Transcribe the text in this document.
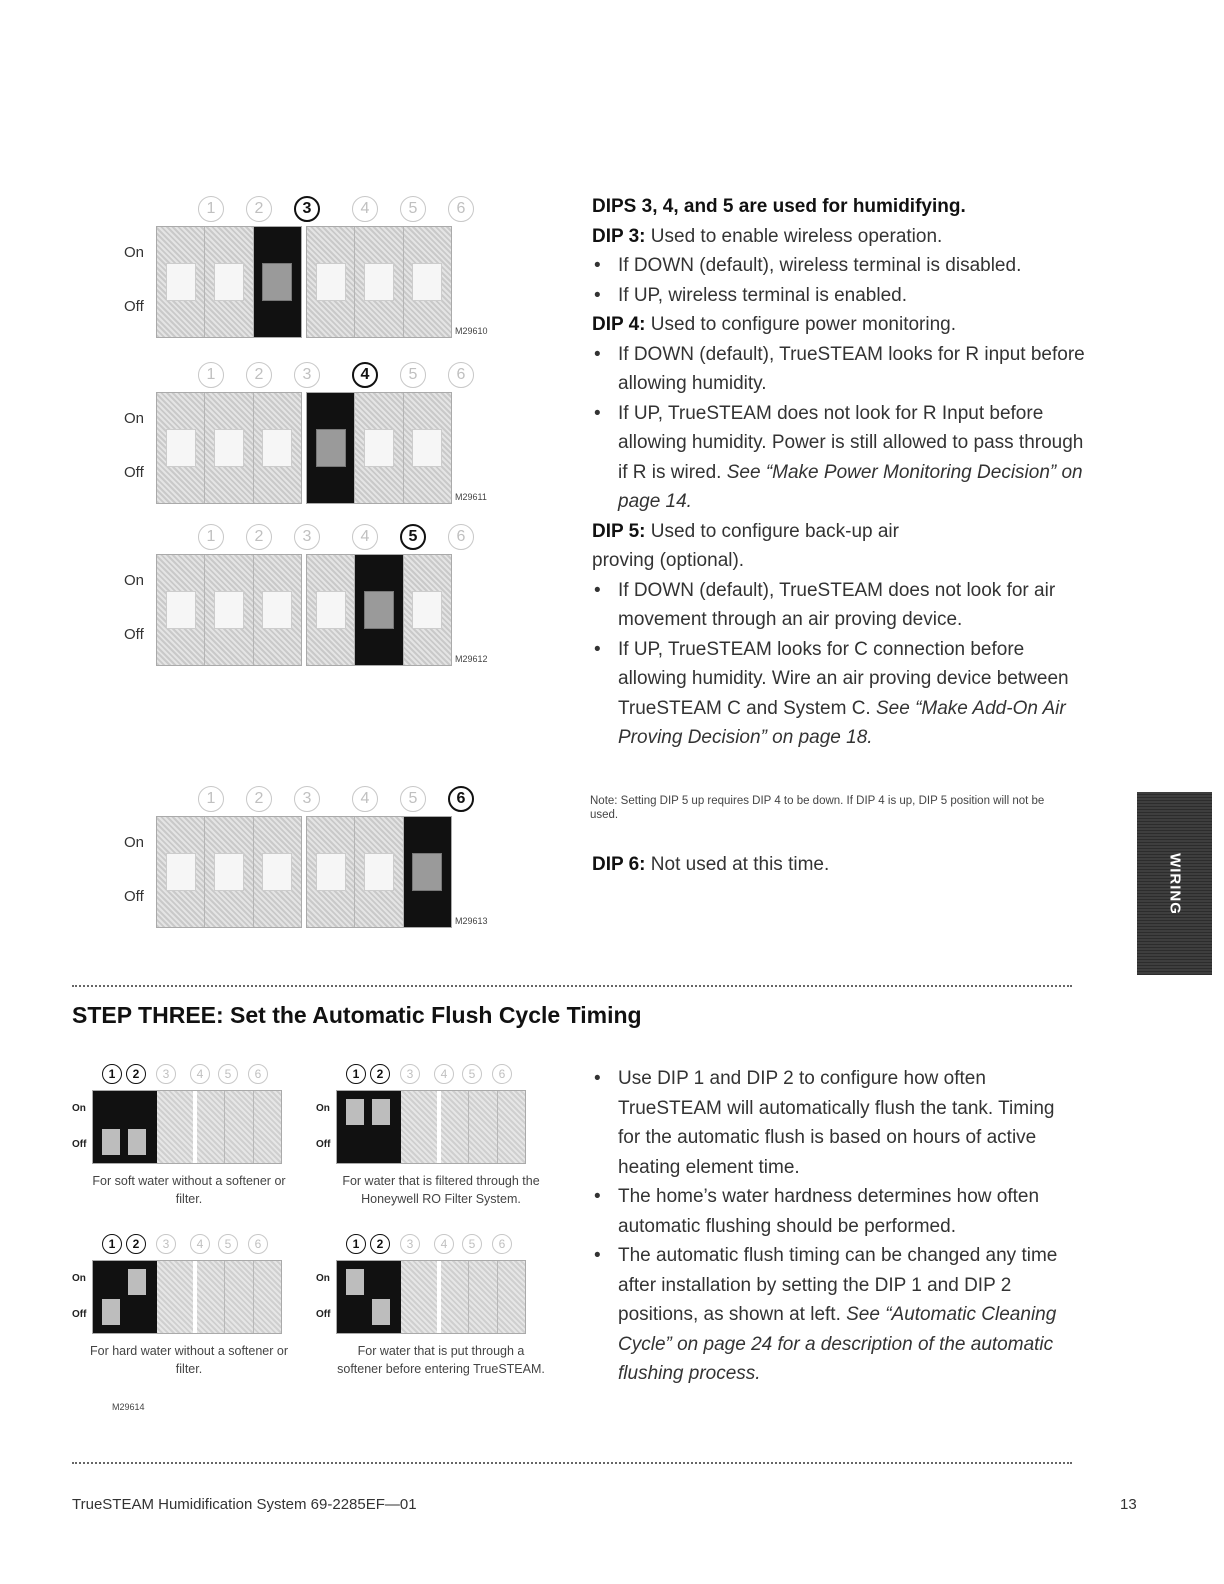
1	2	3	4	5	6
On
Off
M29610
1	2	3	4	5	6
On
Off
M29611
1	2	3	4	5	6
On
Off
M29612
1	2	3	4	5	6
On
Off
M29613

DIPS 3, 4, and 5 are used for humidifying.

DIP 3: Used to enable wireless operation.

• If DOWN (default), wireless terminal is disabled.

• If UP, wireless terminal is enabled.

DIP 4: Used to configure power monitoring.

• If DOWN (default), TrueSTEAM looks for R input before allowing humidity.

• If UP, TrueSTEAM does not look for R Input before allowing humidity. Power is still allowed to pass through if R is wired. See “Make Power Monitoring Decision” on page 14.

DIP 5: Used to configure back-up air proving (optional).

• If DOWN (default), TrueSTEAM does not look for air movement through an air proving device.

• If UP, TrueSTEAM looks for C connection before allowing humidity. Wire an air proving device between TrueSTEAM C and System C. See “Make Add-On Air Proving Decision” on page 18.

Note: Setting DIP 5 up requires DIP 4 to be down. If DIP 4 is up, DIP 5 position will not be used.

DIP 6: Not used at this time.

STEP THREE: Set the Automatic Flush Cycle Timing
1	2	3	4	5	6
On
Off

For soft water without a softener or filter.

1	2	3	4	5	6
On
Off

For water that is filtered through the Honeywell RO Filter System.

1	2	3	4	5	6
On
Off

For hard water without a softener or filter.

1	2	3	4	5	6
On
Off

For water that is put through a softener before entering TrueSTEAM.

M29614

• Use DIP 1 and DIP 2 to configure how often TrueSTEAM will automatically flush the tank. Timing for the automatic flush is based on hours of active heating element time.

• The home’s water hardness determines how often automatic flushing should be performed.

• The automatic flush timing can be changed any time after installation by setting the DIP 1 and DIP 2 positions, as shown at left. See “Automatic Cleaning Cycle” on page 24 for a description of the automatic flushing process.

WIRING
TrueSTEAM Humidification System 69-2285EF—01	13
